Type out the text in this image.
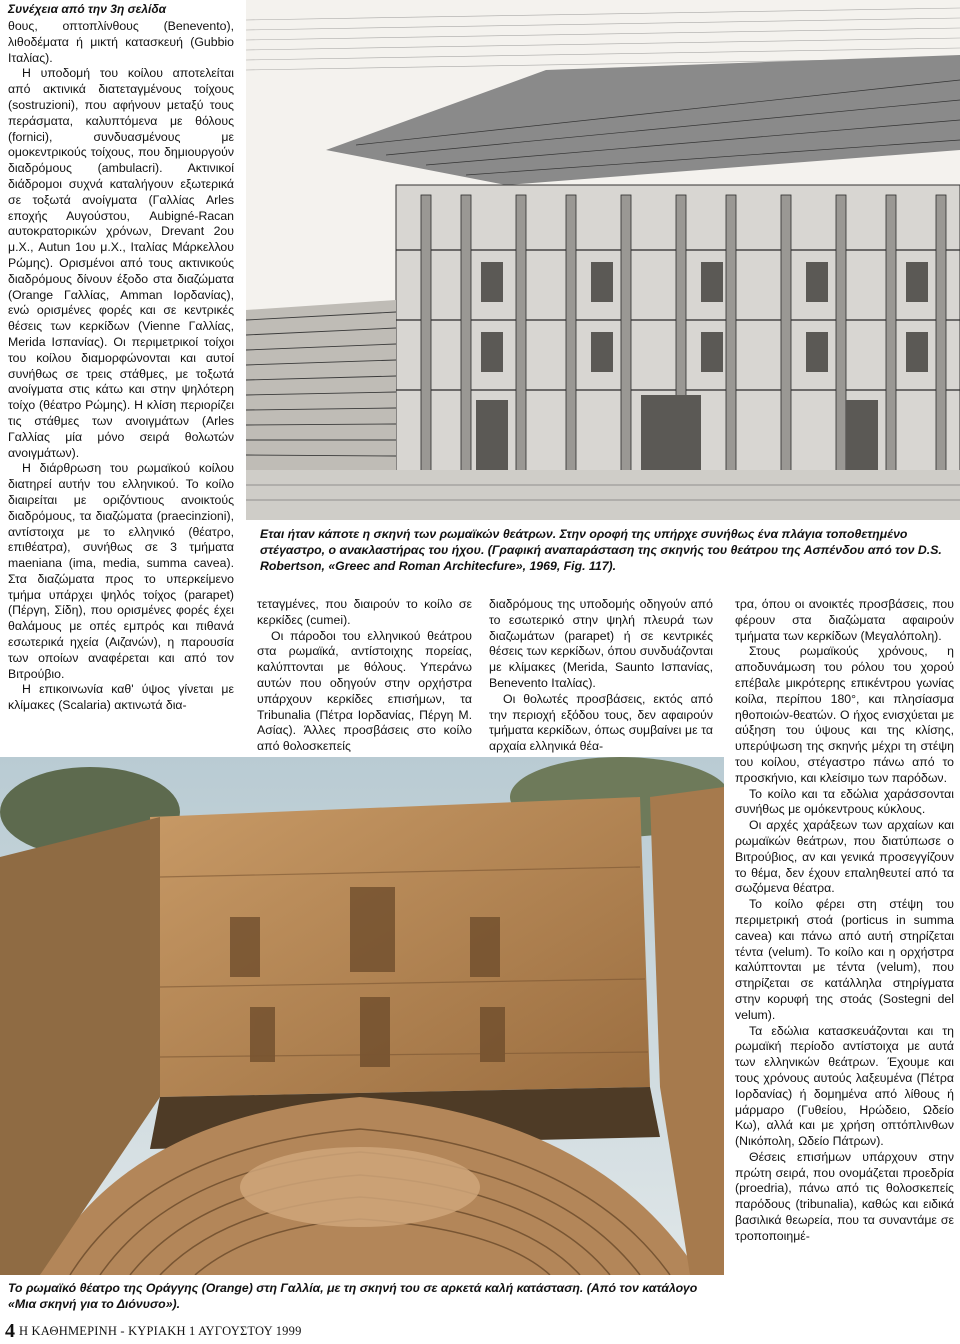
Συνέχεια από την 3η σελίδα

θους, οπτοπλίνθους (Benevento), λιθοδέματα ή μικτή κατασκευή (Gubbio Ιταλίας).

Η υποδομή του κοίλου αποτελείται από ακτινικά διατεταγμένους τοίχους (sostruzioni), που αφήνουν μεταξύ τους περάσματα, καλυπτόμενα με θόλους (fornici), συνδυασμένους με ομοκεντρικούς τοίχους, που δημιουργούν διαδρόμους (ambulacri). Ακτινικοί διάδρομοι συχνά καταλήγουν εξωτερικά σε τοξωτά ανοίγματα (Γαλλίας Arles εποχής Αυγούστου, Aubigné-Racan αυτοκρατορικών χρόνων, Drevant 2ου μ.Χ., Autun 1ου μ.Χ., Ιταλίας Μάρκελλου Ρώμης). Ορισμένοι από τους ακτινικούς διαδρόμους δίνουν έξοδο στα διαζώματα (Orange Γαλλίας, Amman Ιορδανίας), ενώ ορισμένες φορές και σε κεντρικές θέσεις των κερκίδων (Vienne Γαλλίας, Merida Ισπανίας). Οι περιμετρικοί τοίχοι του κοίλου διαμορφώνονται και αυτοί συνήθως σε τρεις στάθμες, με τοξωτά ανοίγματα στις κάτω και στην ψηλότερη τοίχο (θέατρο Ρώμης). Η κλίση περιορίζει τις στάθμες των ανοιγμάτων (Arles Γαλλίας μία μόνο σειρά θολωτών ανοιγμάτων).

Η διάρθρωση του ρωμαϊκού κοίλου διατηρεί αυτήν του ελληνικού. Το κοίλο διαιρείται με οριζόντιους ανοικτούς διαδρόμους, τα διαζώματα (praecinzioni), αντίστοιχα με το ελληνικό (θέατρο, επιθέατρα), συνήθως σε 3 τμήματα maeniana (ima, media, summa cavea). Στα διαζώματα προς το υπερκείμενο τμήμα υπάρχει ψηλός τοίχος (parapet) (Πέργη, Σίδη), που ορισμένες φορές έχει θαλάμους με οπές εμπρός και πιθανά εσωτερικά ηχεία (Αιζανών), η παρουσία των οποίων αναφέρεται και από τον Βιτρούβιο.

Η επικοινωνία καθ' ύψος γίνεται με κλίμακες (Scalaria) ακτινωτά δια-

Εται ήταν κάποτε η σκηνή των ρωμαϊκών θεάτρων. Στην οροφή της υπήρχε συνήθως ένα πλάγια τοποθετημένο στέγαστρο, ο ανακλαστήρας του ήχου. (Γραφική αναπαράσταση της σκηνής του θεάτρου της Ασπένδου από τον D.S. Robertson, «Greec and Roman Architecfure», 1969, Fig. 117).

τεταγμένες, που διαιρούν το κοίλο σε κερκίδες (cumei).

Οι πάροδοι του ελληνικού θεάτρου στα ρωμαϊκά, αντίστοιχης πορείας, καλύπτονται με θόλους. Υπεράνω αυτών που οδηγούν στην ορχήστρα υπάρχουν κερκίδες επισήμων, τα Tribunalia (Πέτρα Ιορδανίας, Πέργη Μ. Ασίας). Άλλες προσβάσεις στο κοίλο από θολοσκεπείς

διαδρόμους της υποδομής οδηγούν από το εσωτερικό στην ψηλή πλευρά των διαζωμάτων (parapet) ή σε κεντρικές θέσεις των κερκίδων, όπου συνδυάζονται με κλίμακες (Merida, Saunto Ισπανίας, Benevento Ιταλίας).

Οι θολωτές προσβάσεις, εκτός από την περιοχή εξόδου τους, δεν αφαιρούν τμήματα κερκίδων, όπως συμβαίνει με τα αρχαία ελληνικά θέα-

τρα, όπου οι ανοικτές προσβάσεις, που φέρουν στα διαζώματα αφαιρούν τμήματα των κερκίδων (Μεγαλόπολη).

Στους ρωμαϊκούς χρόνους, η αποδυνάμωση του ρόλου του χορού επέβαλε μικρότερης επικέντρου γωνίας κοίλα, περίπου 180°, και πλησίασμα ηθοποιών-θεατών. Ο ήχος ενισχύεται με αύξηση του ύψους και της κλίσης, υπερύψωση της σκηνής μέχρι τη στέψη του κοίλου, στέγαστρο πάνω από το προσκήνιο, και κλείσιμο των παρόδων.

Το κοίλο και τα εδώλια χαράσσονται συνήθως με ομόκεντρους κύκλους.

Οι αρχές χαράξεων των αρχαίων και ρωμαϊκών θεάτρων, που διατύπωσε ο Βιτρούβιος, αν και γενικά προσεγγίζουν το θέμα, δεν έχουν επαληθευτεί από τα σωζόμενα θέατρα.

Το κοίλο φέρει στη στέψη του περιμετρική στοά (porticus in summa cavea) και πάνω από αυτή στηρίζεται τέντα (velum). Το κοίλο και η ορχήστρα καλύπτονται με τέντα (velum), που στηρίζεται σε κατάλληλα στηρίγματα στην κορυφή της στοάς (Sostegni del velum).

Τα εδώλια κατασκευάζονται και τη ρωμαϊκή περίοδο αντίστοιχα με αυτά των ελληνικών θεάτρων. Έχουμε και τους χρόνους αυτούς λαξευμένα (Πέτρα Ιορδανίας) ή δομημένα από λίθους ή μάρμαρο (Γυθείου, Ηρώδειο, Ωδείο Κω), αλλά και με χρήση οπτόπλινθων (Νικόπολη, Ωδείο Πάτρων).

Θέσεις επισήμων υπάρχουν στην πρώτη σειρά, που ονομάζεται προεδρία (proedria), πάνω από τις θολοσκεπείς παρόδους (tribunalia), καθώς και ειδικά βασιλικά θεωρεία, που τα συναντάμε σε τροποποιημέ-

Το ρωμαϊκό θέατρο της Οράγγης (Orange) στη Γαλλία, με τη σκηνή του σε αρκετά καλή κατάσταση. (Από τον κατάλογο «Μια σκηνή για το Διόνυσο»).
4 Η ΚΑΘΗΜΕΡΙΝΗ - ΚΥΡΙΑΚΗ 1 ΑΥΓΟΥΣΤΟΥ 1999
